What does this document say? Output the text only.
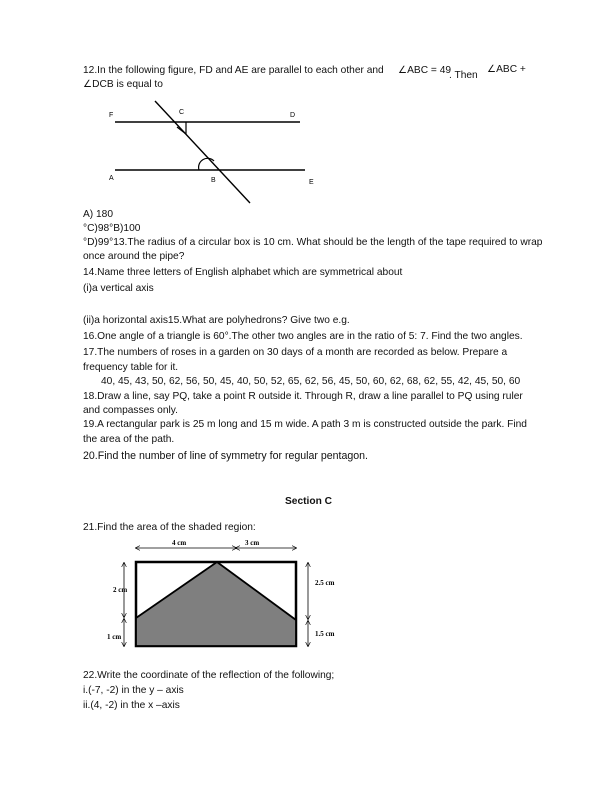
12.In the following figure, FD and AE are parallel to each other and ∠ABC = 49
. Then
∠ABC +
∠DCB is equal to
F	C	D
A	B	E
A) 180
°C)98°B)100
°D)99°13.The radius of a circular box is 10 cm. What should be the length of the tape required to wrap
once around the pipe?
14.Name three letters of English alphabet which are symmetrical about
(i)a vertical axis
(ii)a horizontal axis15.What are polyhedrons? Give two e.g.
16.One angle of a triangle is 60°.The other two angles are in the ratio of 5: 7. Find the two angles.
17.The numbers of roses in a garden on 30 days of a month are recorded as below. Prepare a
frequency table for it.
40, 45, 43, 50, 62, 56, 50, 45, 40, 50, 52, 65, 62, 56, 45, 50, 60, 62, 68, 62, 55, 42, 45, 50, 60
18.Draw a line, say PQ, take a point R outside it. Through R, draw a line parallel to PQ using ruler
and compasses only.
19.A rectangular park is 25 m long and 15 m wide. A path 3 m is constructed outside the park. Find
the area of the path.
20.Find the number of line of symmetry for regular pentagon.
Section C
21.Find the area of the shaded region:
4 cm	3 cm
2 cm
1 cm
2.5 cm
1.5 cm
22.Write the coordinate of the reflection of the following;
i.(-7, -2) in the y – axis
ii.(4, -2) in the x –axis
